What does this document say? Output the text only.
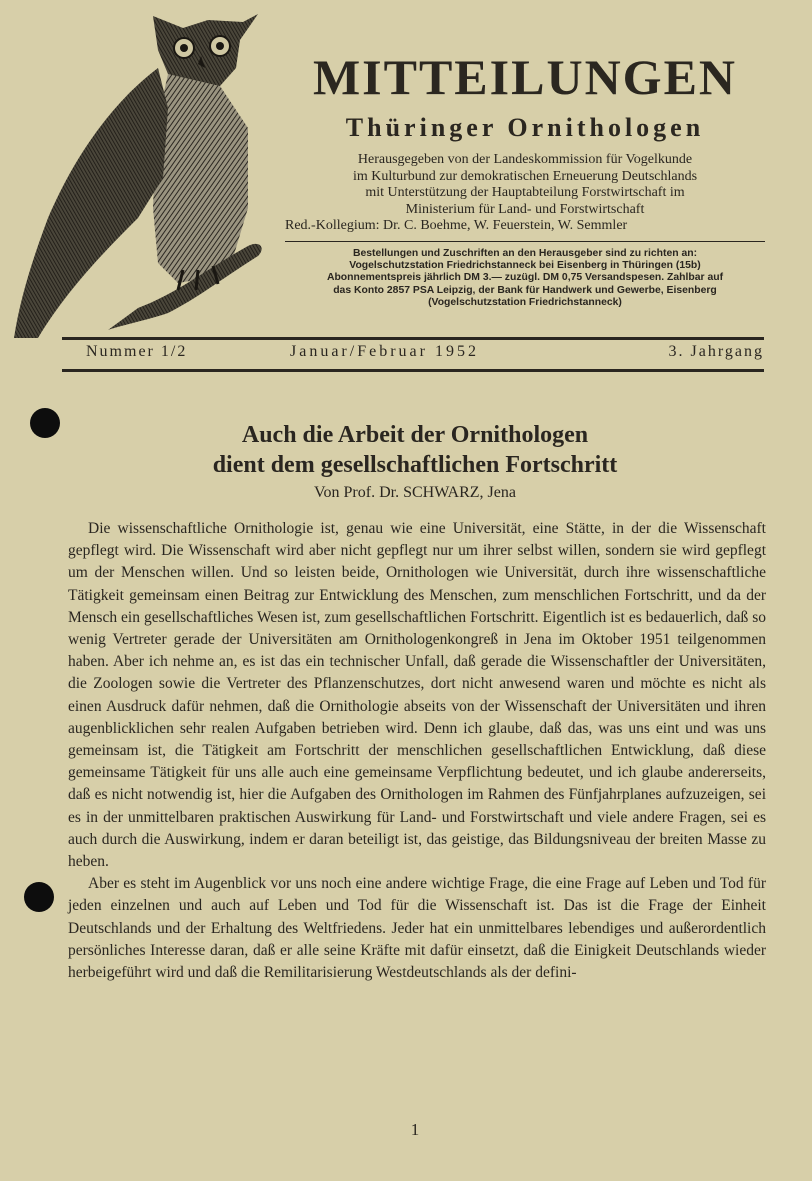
MITTEILUNGEN
Thüringer Ornithologen
Herausgegeben von der Landeskommission für Vogelkunde
im Kulturbund zur demokratischen Erneuerung Deutschlands
mit Unterstützung der Hauptabteilung Forstwirtschaft im
Ministerium für Land- und Forstwirtschaft
Red.-Kollegium: Dr. C. Boehme, W. Feuerstein, W. Semmler
Bestellungen und Zuschriften an den Herausgeber sind zu richten an:
Vogelschutzstation Friedrichstanneck bei Eisenberg in Thüringen (15b)
Abonnementspreis jährlich DM 3.— zuzügl. DM 0,75 Versandspesen. Zahlbar auf
das Konto 2857 PSA Leipzig, der Bank für Handwerk und Gewerbe, Eisenberg
(Vogelschutzstation Friedrichstanneck)
Nummer 1/2	Januar/Februar 1952	3. Jahrgang
Auch die Arbeit der Ornithologen
dient dem gesellschaftlichen Fortschritt
Von Prof. Dr. SCHWARZ, Jena

Die wissenschaftliche Ornithologie ist, genau wie eine Universität, eine Stätte, in der die Wissenschaft gepflegt wird. Die Wissenschaft wird aber nicht gepflegt nur um ihrer selbst willen, sondern sie wird gepflegt um der Menschen willen. Und so leisten beide, Ornithologen wie Universität, durch ihre wissenschaftliche Tätigkeit gemeinsam einen Beitrag zur Entwicklung des Menschen, zum menschlichen Fortschritt, und da der Mensch ein gesellschaftliches Wesen ist, zum gesellschaftlichen Fortschritt. Eigentlich ist es bedauerlich, daß so wenig Vertreter gerade der Universitäten am Ornithologenkongreß in Jena im Oktober 1951 teilgenommen haben. Aber ich nehme an, es ist das ein technischer Unfall, daß gerade die Wissenschaftler der Universitäten, die Zoologen sowie die Vertreter des Pflanzenschutzes, dort nicht anwesend waren und möchte es nicht als einen Ausdruck dafür nehmen, daß die Ornithologie abseits von der Wissenschaft der Universitäten und ihren augenblicklichen sehr realen Aufgaben betrieben wird. Denn ich glaube, daß das, was uns eint und was uns gemeinsam ist, die Tätigkeit am Fortschritt der menschlichen gesellschaftlichen Entwicklung, daß diese gemeinsame Tätigkeit für uns alle auch eine gemeinsame Verpflichtung bedeutet, und ich glaube andererseits, daß es nicht notwendig ist, hier die Aufgaben des Ornithologen im Rahmen des Fünfjahrplanes aufzuzeigen, sei es in der unmittelbaren praktischen Auswirkung für Land- und Forstwirtschaft und viele andere Fragen, sei es auch durch die Auswirkung, indem er daran beteiligt ist, das geistige, das Bildungsniveau der breiten Masse zu heben.

Aber es steht im Augenblick vor uns noch eine andere wichtige Frage, die eine Frage auf Leben und Tod für jeden einzelnen und auch auf Leben und Tod für die Wissenschaft ist. Das ist die Frage der Einheit Deutschlands und der Erhaltung des Weltfriedens. Jeder hat ein unmittelbares lebendiges und außerordentlich persönliches Interesse daran, daß er alle seine Kräfte mit dafür einsetzt, daß die Einigkeit Deutschlands wieder herbeigeführt wird und daß die Remilitarisierung Westdeutschlands als der defini-

1
